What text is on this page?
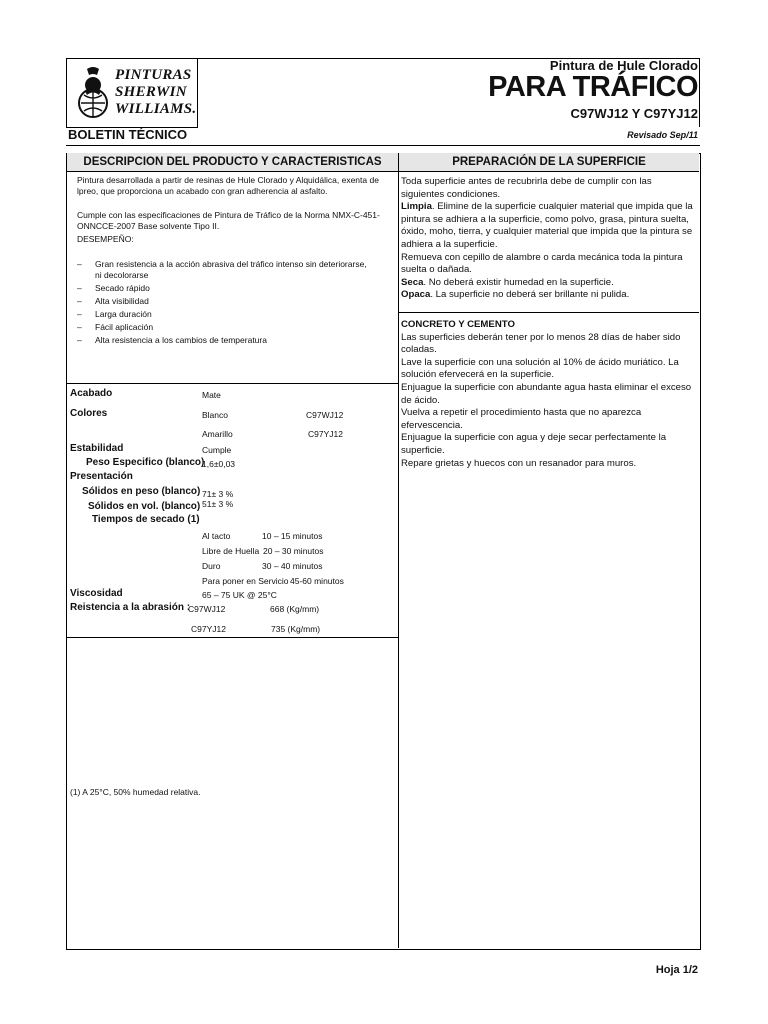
PINTURAS
SHERWIN
WILLIAMS.
Pintura de Hule Clorado
PARA TRÁFICO
C97WJ12 Y C97YJ12
BOLETIN TÉCNICO	Revisado Sep/11
DESCRIPCION DEL PRODUCTO Y CARACTERISTICAS	PREPARACIÓN DE LA SUPERFICIE
Pintura desarrollada a partir de resinas de Hule Clorado y Alquidálica, exenta de lpreo, que proporciona un acabado con gran adherencia al asfalto.
Cumple con las especificaciones de Pintura de Tráfico de la Norma NMX-C-451-ONNCCE-2007 Base solvente Tipo II.
DESEMPEÑO:
– Gran resistencia a la acción abrasiva del tráfico intenso sin deteriorarse, ni decolorarse
– Secado rápido
– Alta visibilidad
– Larga duración
– Fácil aplicación
– Alta resistencia a los cambios de temperatura
Acabado	Mate
Colores	Blanco	C97WJ12
Amarillo	C97YJ12
Estabilidad	Cumple
Peso Especifico (blanco)
1,6±0,03
Presentación
Sólidos en peso (blanco) 71± 3 %
Sólidos en vol. (blanco) 51± 3 %
Tiempos de secado (1)
Al tacto	10 – 15 minutos
Libre de Huella 20 – 30 minutos
Duro	30 – 40 minutos
Para poner en Servicio 45-60 minutos
Viscosidad	65 – 75 UK @ 25°C
Reistencia a la abrasión :
C97WJ12	668 (Kg/mm)
C97YJ12	735 (Kg/mm)
(1) A 25°C, 50% humedad relativa.
Toda superficie antes de recubrirla debe de cumplir con las siguientes condiciones.
Limpia. Elimine de la superficie cualquier material que impida que la pintura se adhiera a la superficie, como polvo, grasa, pintura suelta, óxido, moho, tierra, y cualquier material que impida que la pintura se adhiera a la superficie.
Remueva con cepillo de alambre o carda mecánica toda la pintura suelta o dañada.
Seca. No deberá existir humedad en la superficie.
Opaca. La superficie no deberá ser brillante ni pulida.
CONCRETO Y CEMENTO
Las superficies deberán tener por lo menos 28 días de haber sido coladas.
Lave la superficie con una solución al 10% de ácido muriático. La solución efervecerá en la superficie.
Enjuague la superficie con abundante agua hasta eliminar el exceso de ácido.
Vuelva a repetir el procedimiento hasta que no aparezca efervescencia.
Enjuague la superficie con agua y deje secar perfectamente la superficie.
Repare grietas y huecos con un resanador para muros.
Hoja 1/2
